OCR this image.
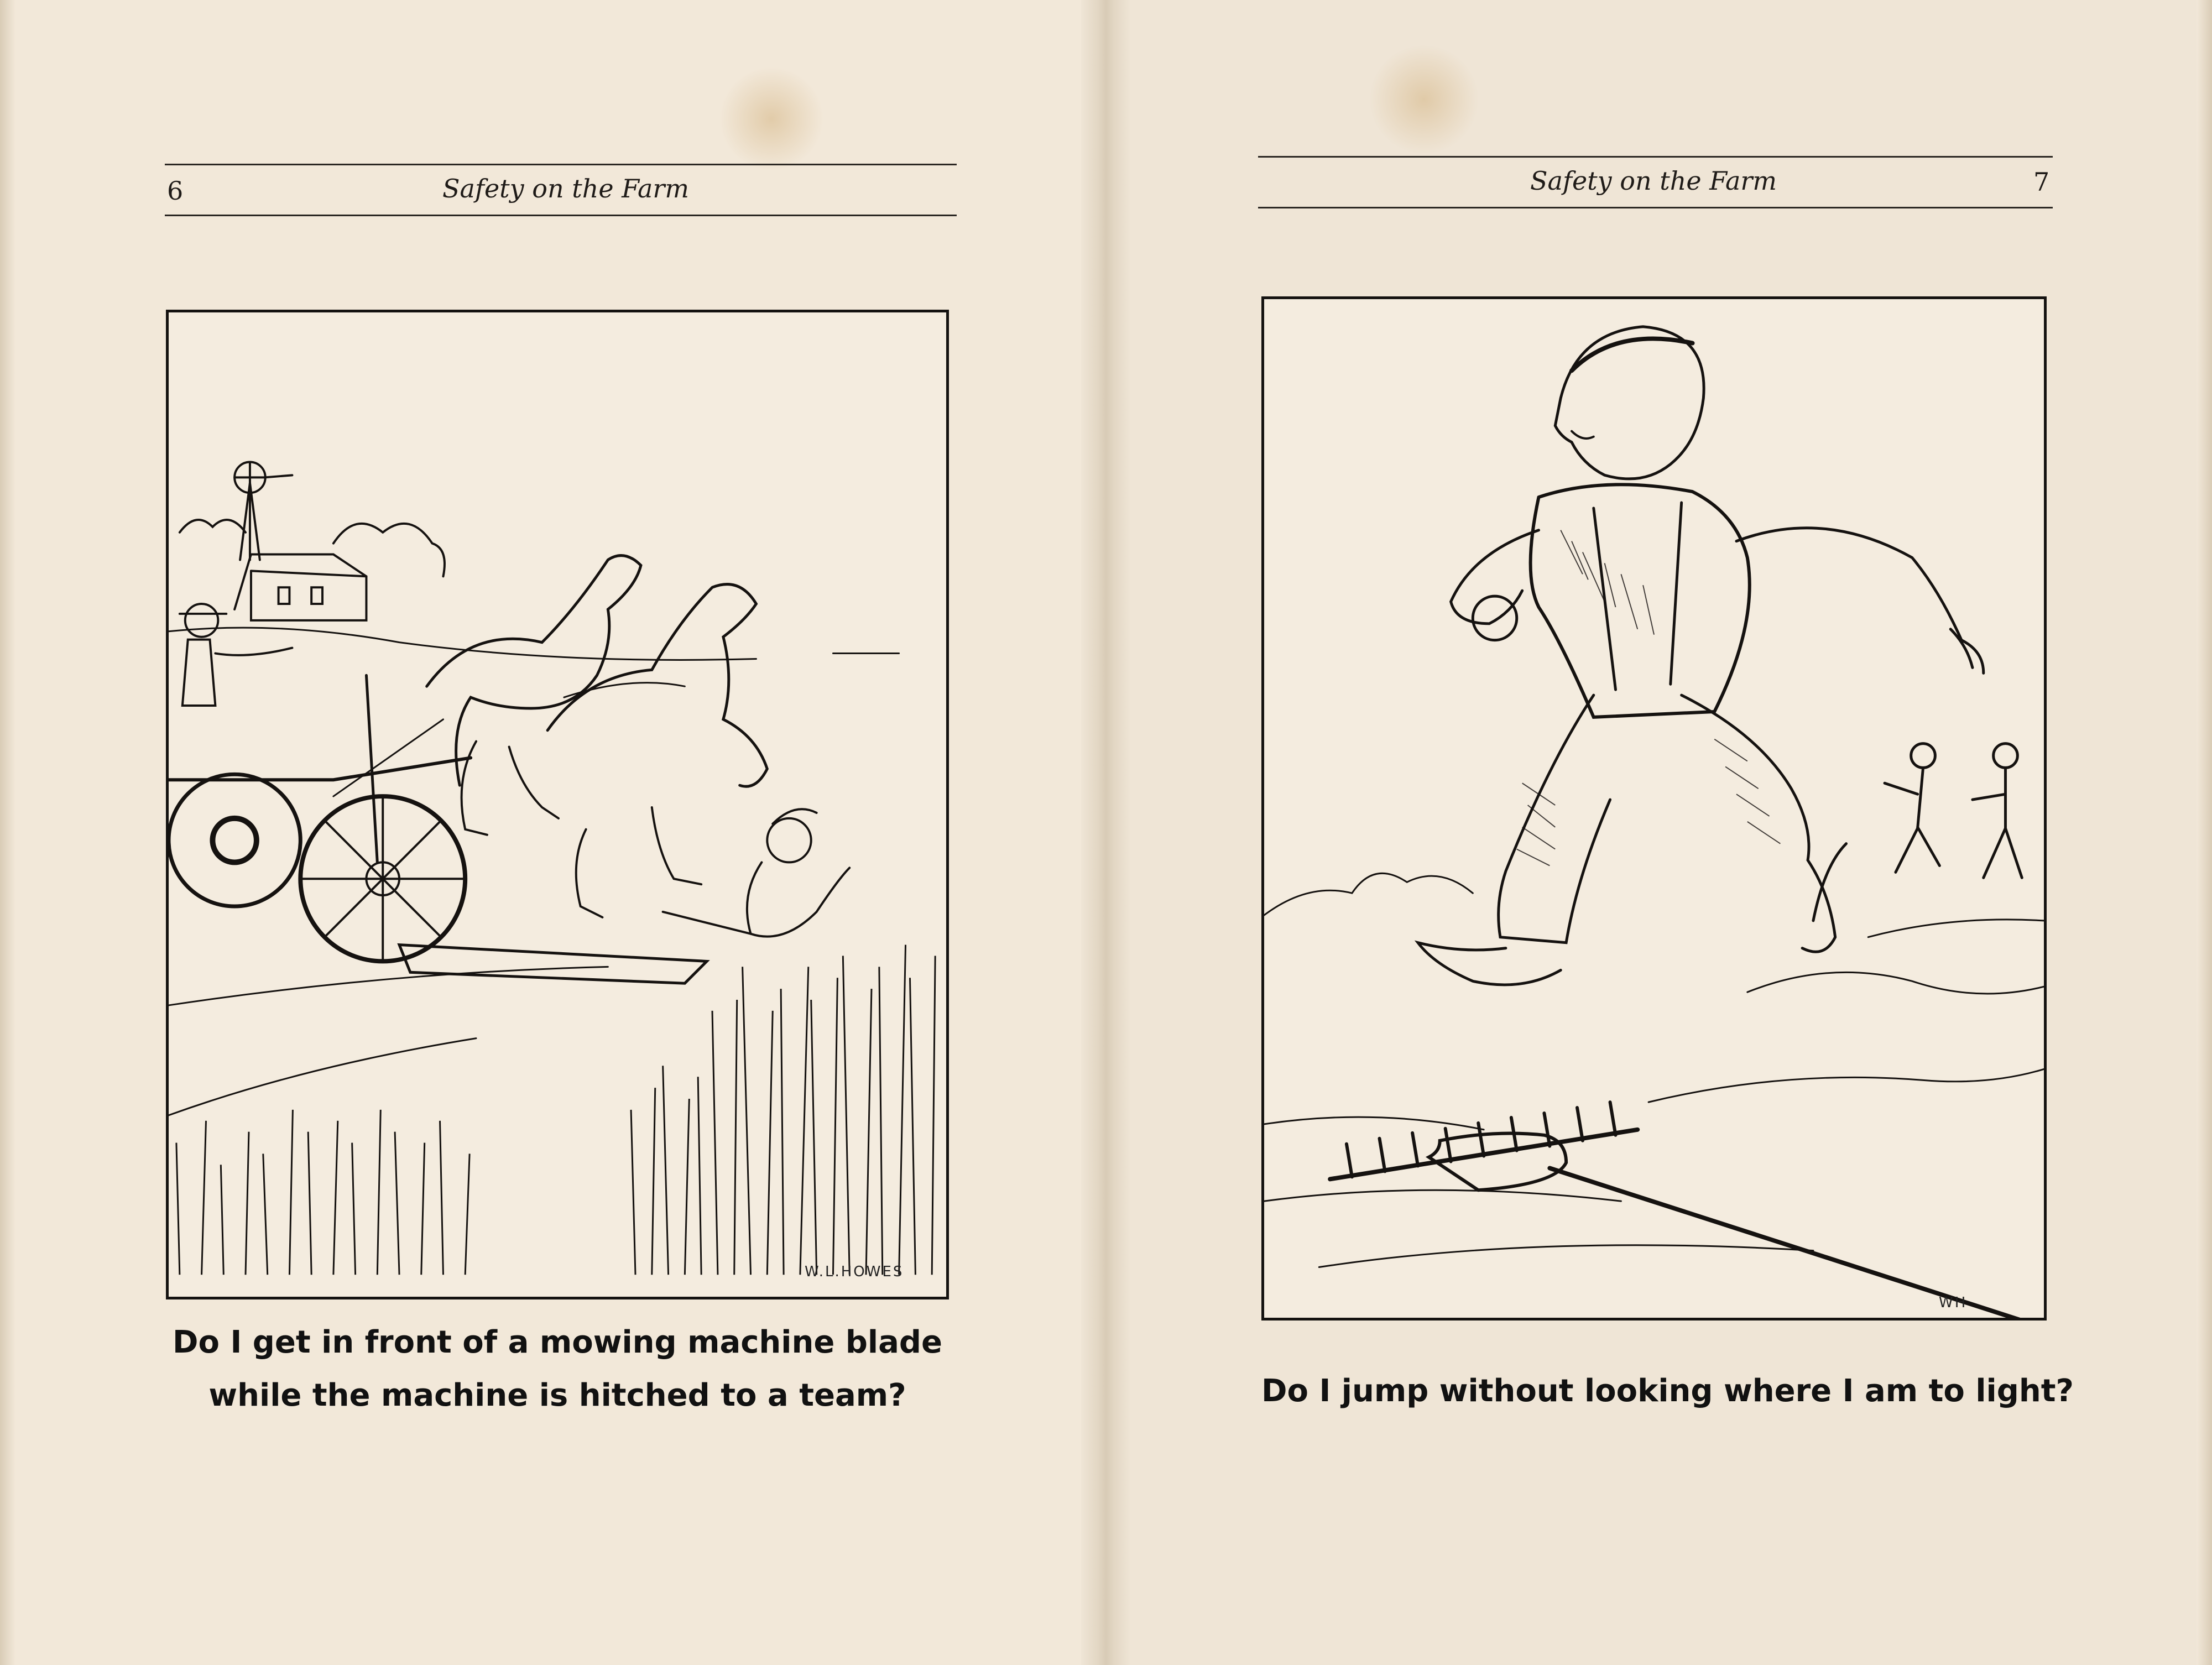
6	Safety on the Farm
W.L.HOWES
Do I get in front of a mowing machine blade
while the machine is hitched to a team?
Safety on the Farm	7
WH
Do I jump without looking where I am to light?
